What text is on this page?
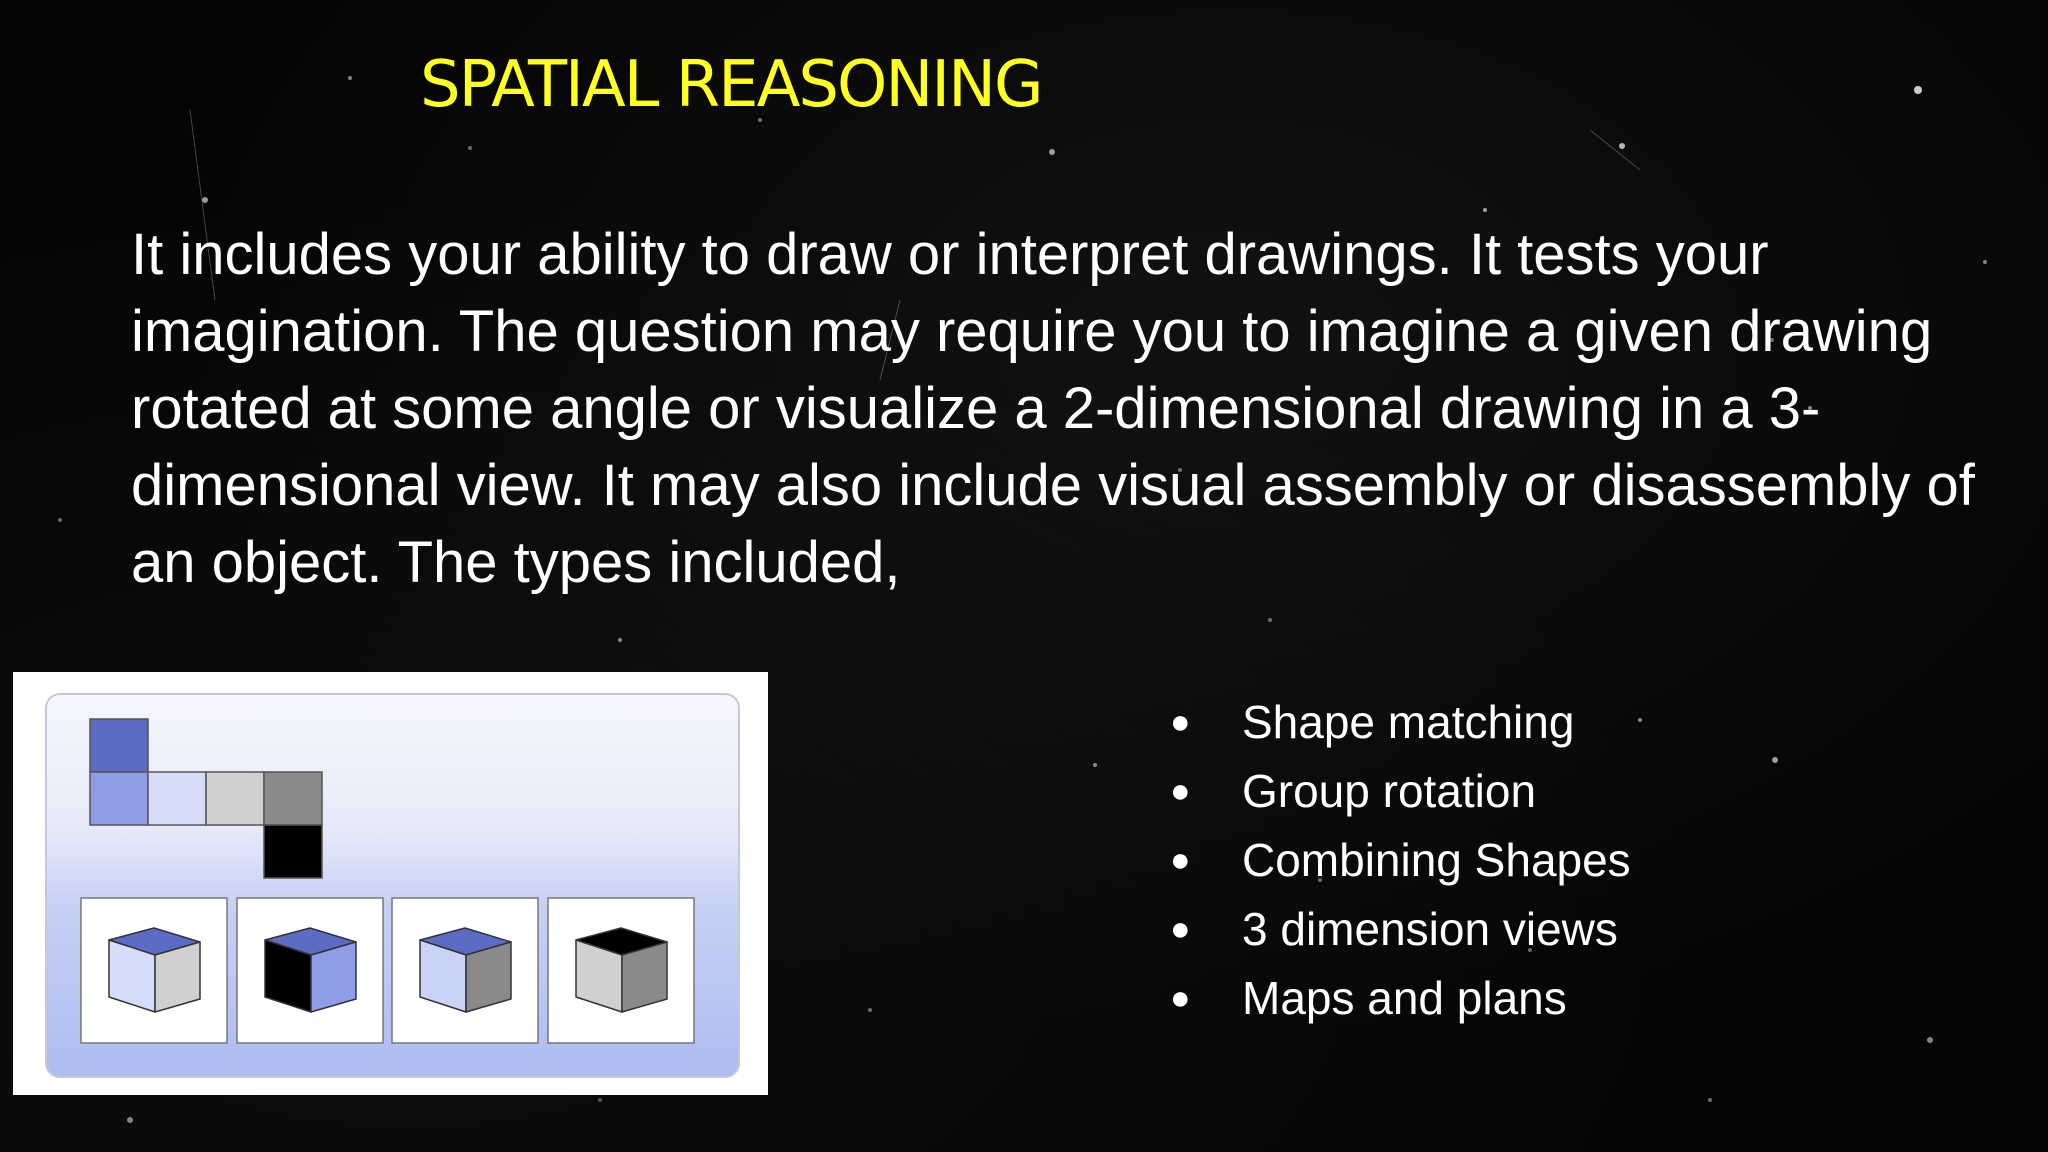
SPATIAL REASONING

It includes your ability to draw or interpret drawings. It tests your imagination. The question may require you to imagine a given drawing rotated at some angle or visualize a 2-dimensional drawing in a 3-dimensional view. It may also include visual assembly or disassembly of an object. The types included,

● Shape matching
● Group rotation
● Combining Shapes
● 3 dimension views
● Maps and plans
